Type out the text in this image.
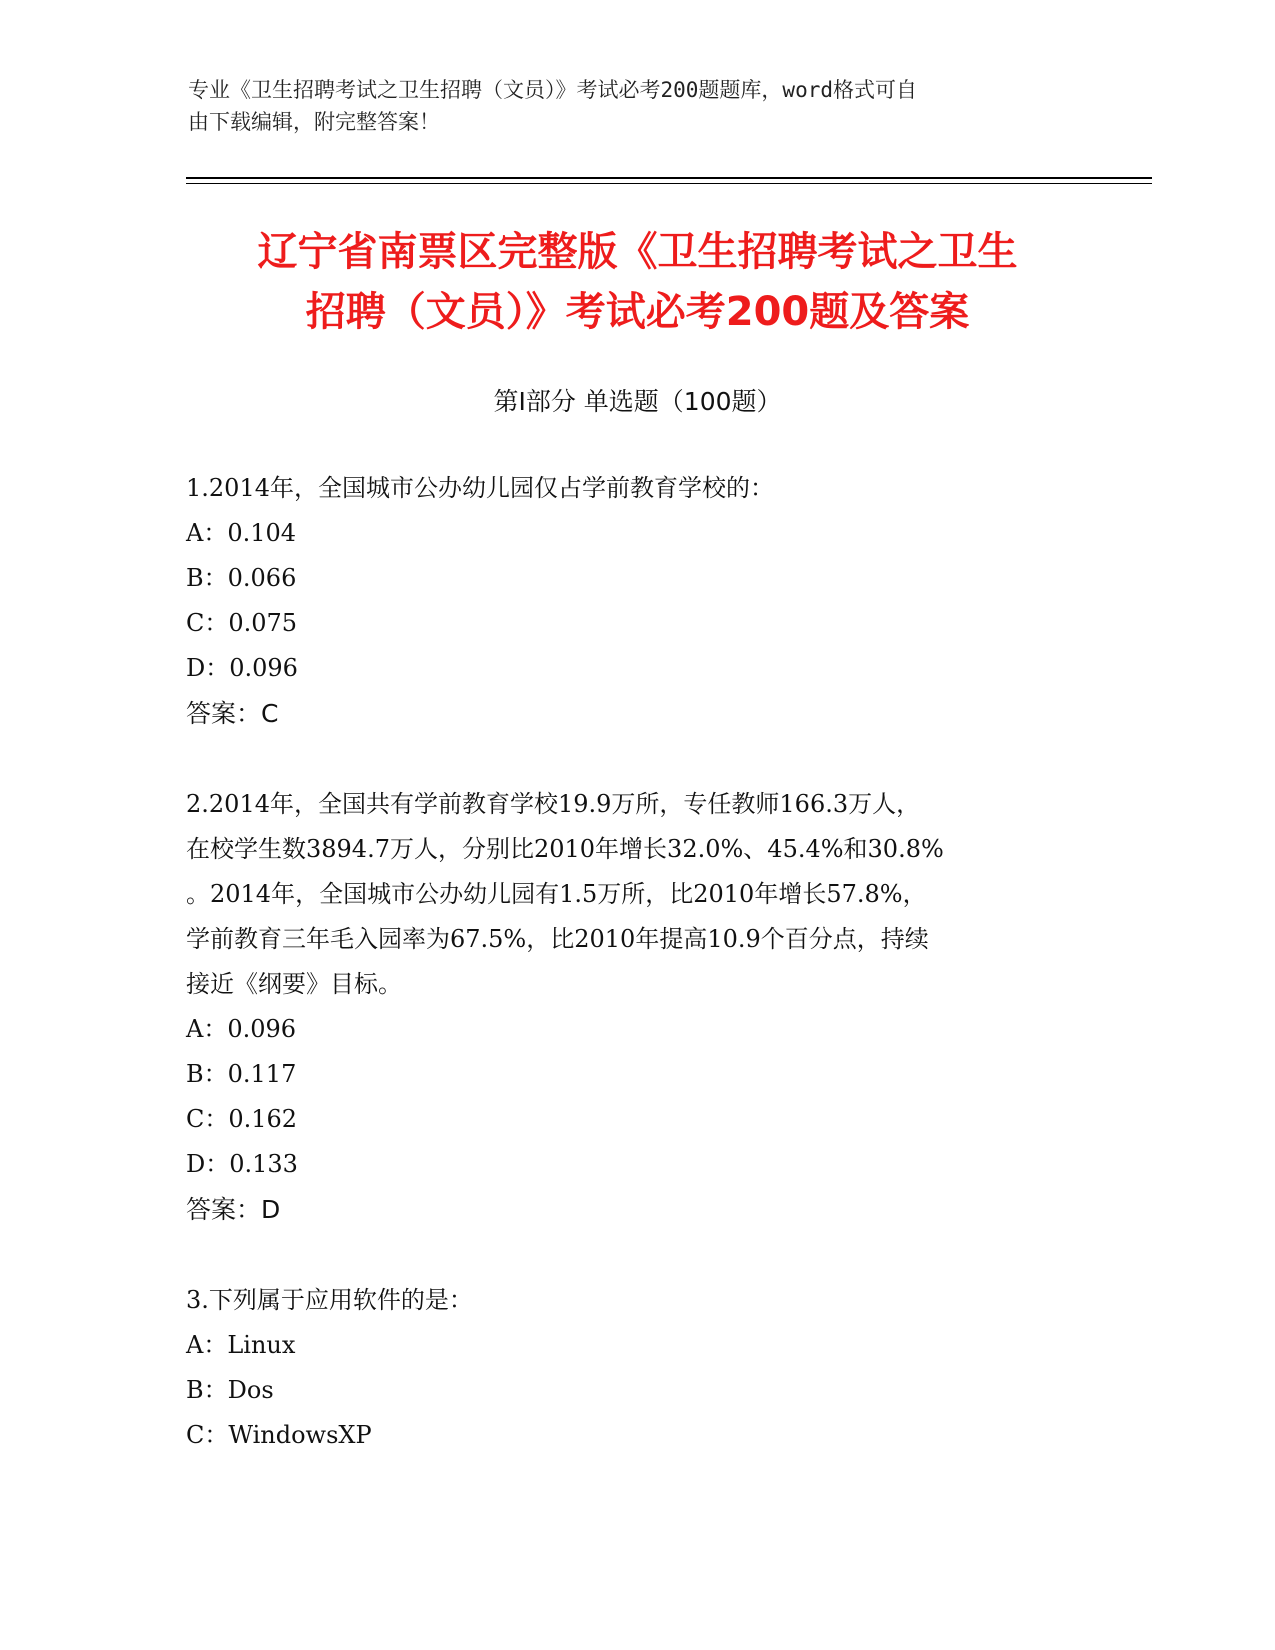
专业《卫生招聘考试之卫生招聘（文员）》考试必考200题题库，word格式可自
由下载编辑，附完整答案！
辽宁省南票区完整版《卫生招聘考试之卫生
招聘（文员）》考试必考200题及答案
第Ⅰ部分 单选题（100题）
1.2014年，全国城市公办幼儿园仅占学前教育学校的：
A：0.104
B：0.066
C：0.075
D：0.096
答案：C
2.2014年，全国共有学前教育学校19.9万所，专任教师166.3万人，
在校学生数3894.7万人，分别比2010年增长32.0%、45.4%和30.8%
。2014年，全国城市公办幼儿园有1.5万所，比2010年增长57.8%，
学前教育三年毛入园率为67.5%，比2010年提高10.9个百分点，持续
接近《纲要》目标。
A：0.096
B：0.117
C：0.162
D：0.133
答案：D
3.下列属于应用软件的是：
A：Linux
B：Dos
C：WindowsXP
